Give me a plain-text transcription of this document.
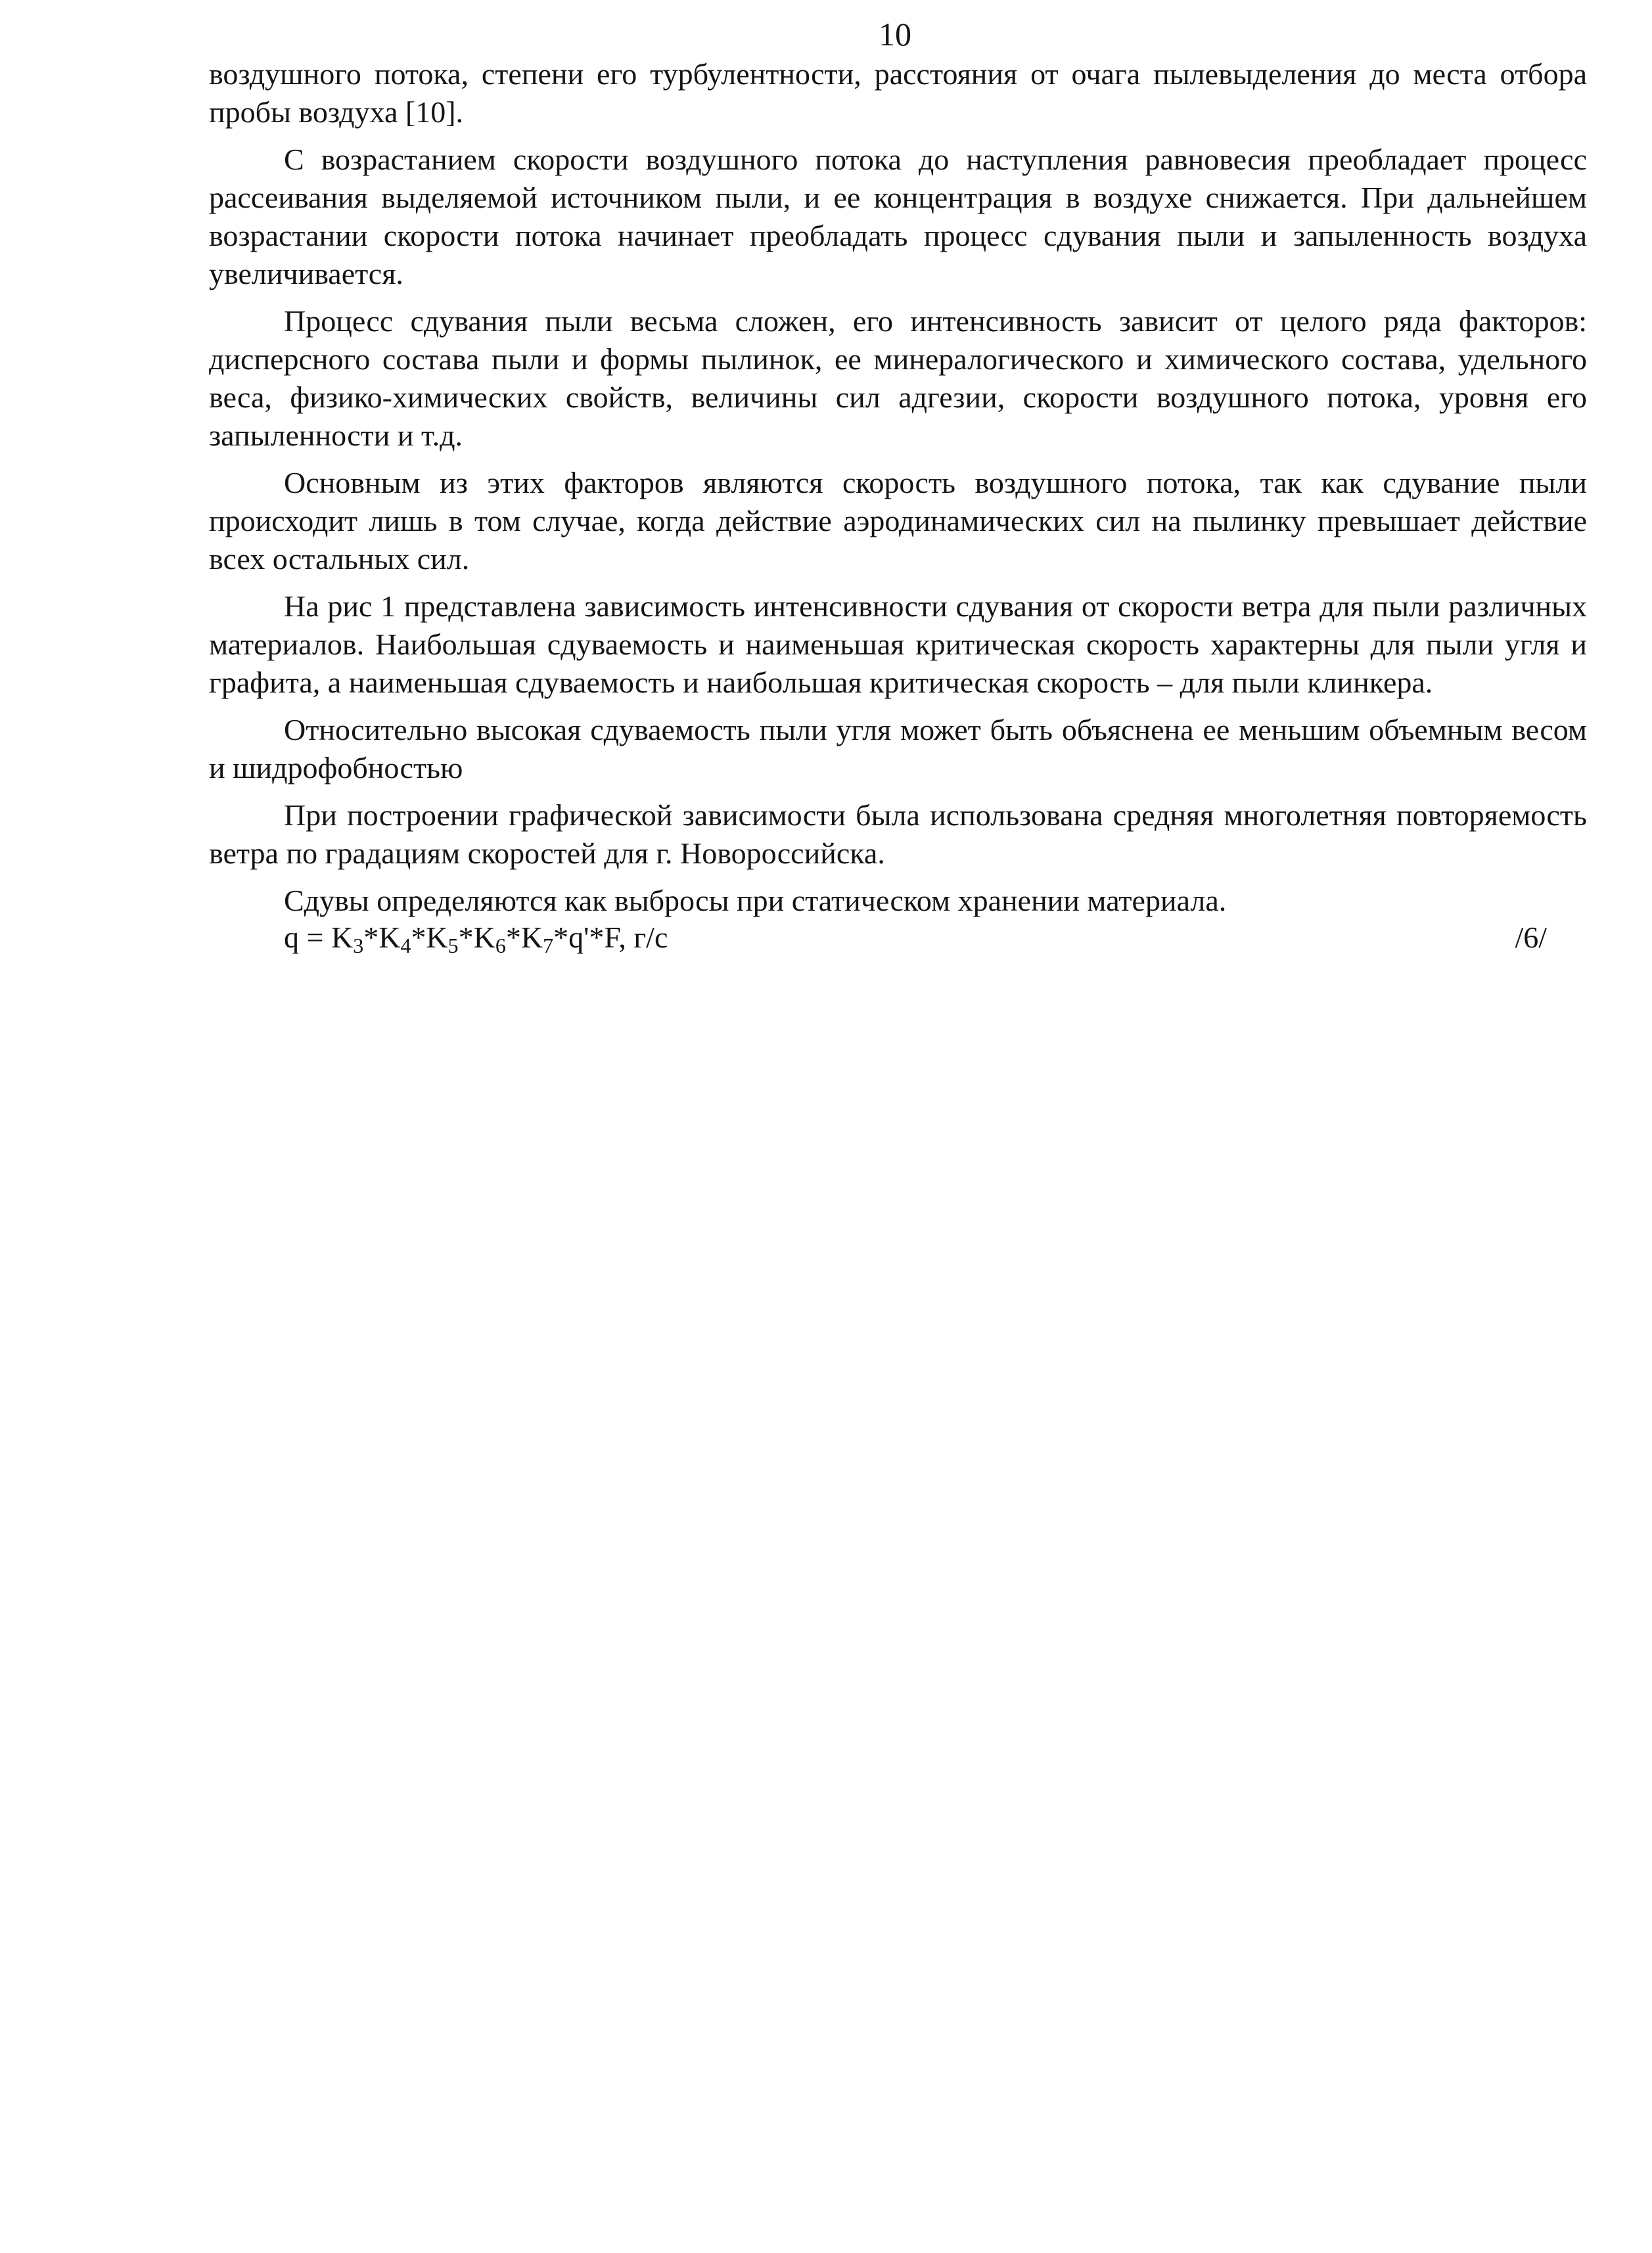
10

воздушного потока, степени его турбулентности, расстояния от очага пылевыделения до места отбора пробы воздуха [10].

С возрастанием скорости воздушного потока до наступления равновесия преобладает процесс рассеивания выделяемой источником пыли, и ее концентрация в воздухе снижается. При дальнейшем возрастании скорости потока начинает преобладать процесс сдувания пыли и запыленность воздуха увеличивается.

Процесс сдувания пыли весьма сложен, его интенсивность зависит от целого ряда факторов: дисперсного состава пыли и формы пылинок, ее минералогического и химического состава, удельного веса, физико-химических свойств, величины сил адгезии, скорости воздушного потока, уровня его запыленности и т.д.

Основным из этих факторов являются скорость воздушного потока, так как сдувание пыли происходит лишь в том случае, когда действие аэродинамических сил на пылинку превышает действие всех остальных сил.

На рис 1 представлена зависимость интенсивности сдувания от скорости ветра для пыли различных материалов. Наибольшая сдуваемость и наименьшая критическая скорость характерны для пыли угля и графита, а наименьшая сдуваемость и наибольшая критическая скорость – для пыли клинкера.

Относительно высокая сдуваемость пыли угля может быть объяснена ее меньшим объемным весом и шидрофобностью

При построении графической зависимости была использована средняя многолетняя повторяемость ветра по градациям скоростей для г. Новороссийска.

Сдувы определяются как выбросы при статическом хранении материала.

$q = K_3*K_4*K_5*K_6*K_7*q'*F$, г/с	/6/
